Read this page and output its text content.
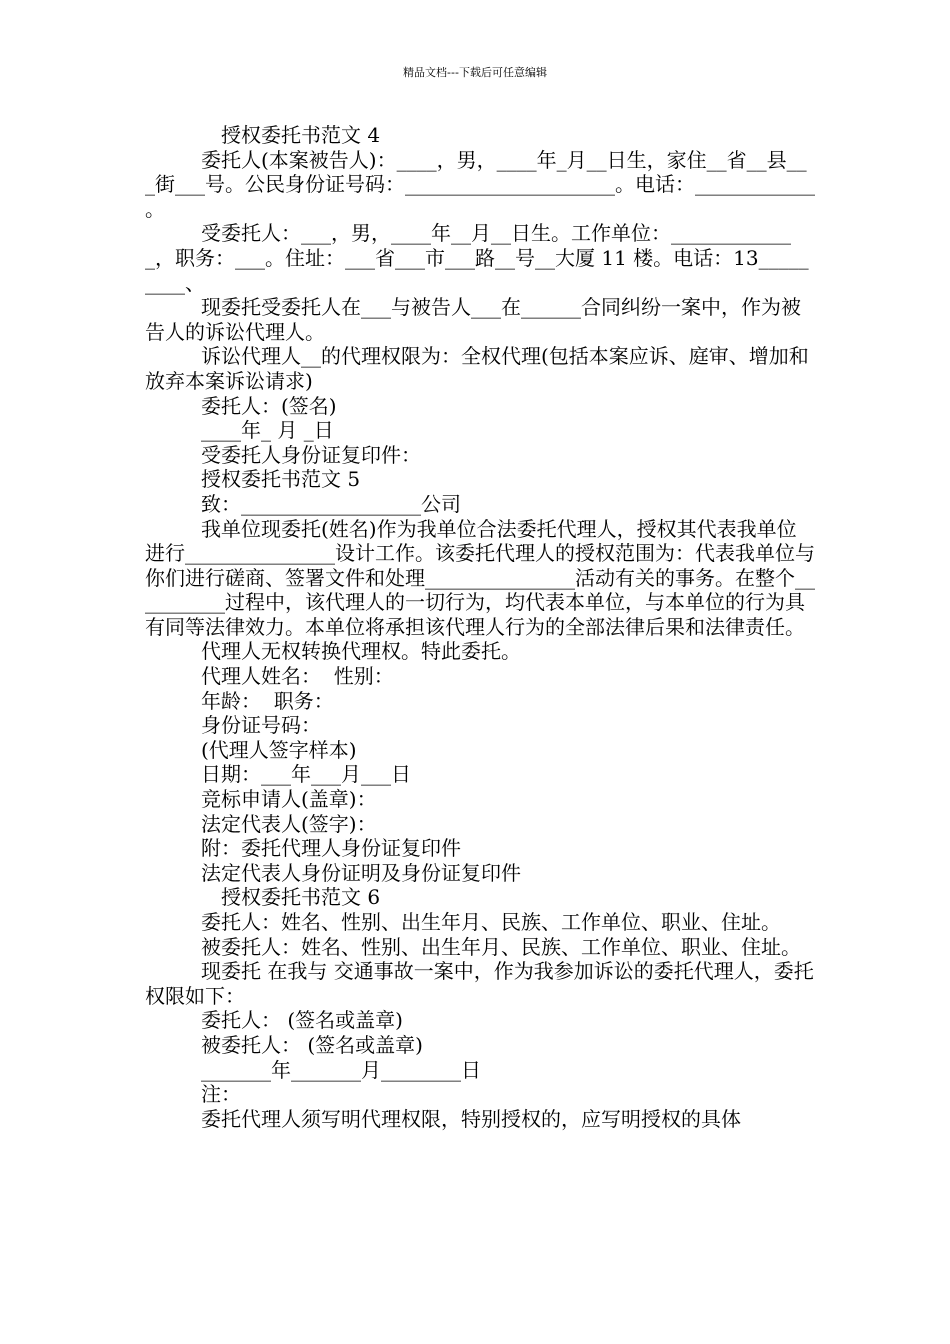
精品文档---下载后可任意编辑

授权委托书范文 4

委托人(本案被告人)：____，男，____年_月__日生，家住__省__县___街___号。公民身份证号码：_____________________。电话：____________ 。

受委托人：___，男，____年__月__日生。工作单位：_____________，职务：___。住址：___省___市___路__号__大厦 11 楼。电话：13_________、

现委托受委托人在___与被告人___在______合同纠纷一案中，作为被告人的诉讼代理人。

诉讼代理人__的代理权限为：全权代理(包括本案应诉、庭审、增加和放弃本案诉讼请求)

委托人：(签名)

____年_ 月 _日

受委托人身份证复印件：

授权委托书范文 5

致：__________________公司

我单位现委托(姓名)作为我单位合法委托代理人，授权其代表我单位进行_______________设计工作。该委托代理人的授权范围为：代表我单位与你们进行磋商、签署文件和处理_______________活动有关的事务。在整个__________过程中，该代理人的一切行为，均代表本单位，与本单位的行为具有同等法律效力。本单位将承担该代理人行为的全部法律后果和法律责任。

代理人无权转换代理权。特此委托。

代理人姓名：  性别：

年龄：  职务：

身份证号码：

(代理人签字样本)

日期：___年___月___日

竞标申请人(盖章)：

法定代表人(签字)：

附：委托代理人身份证复印件

法定代表人身份证明及身份证复印件

授权委托书范文 6

委托人：姓名、性别、出生年月、民族、工作单位、职业、住址。

被委托人：姓名、性别、出生年月、民族、工作单位、职业、住址。

现委托 在我与 交通事故一案中，作为我参加诉讼的委托代理人，委托权限如下：

委托人： (签名或盖章)

被委托人： (签名或盖章)

_______年_______月________日

注：

委托代理人须写明代理权限，特别授权的，应写明授权的具体
